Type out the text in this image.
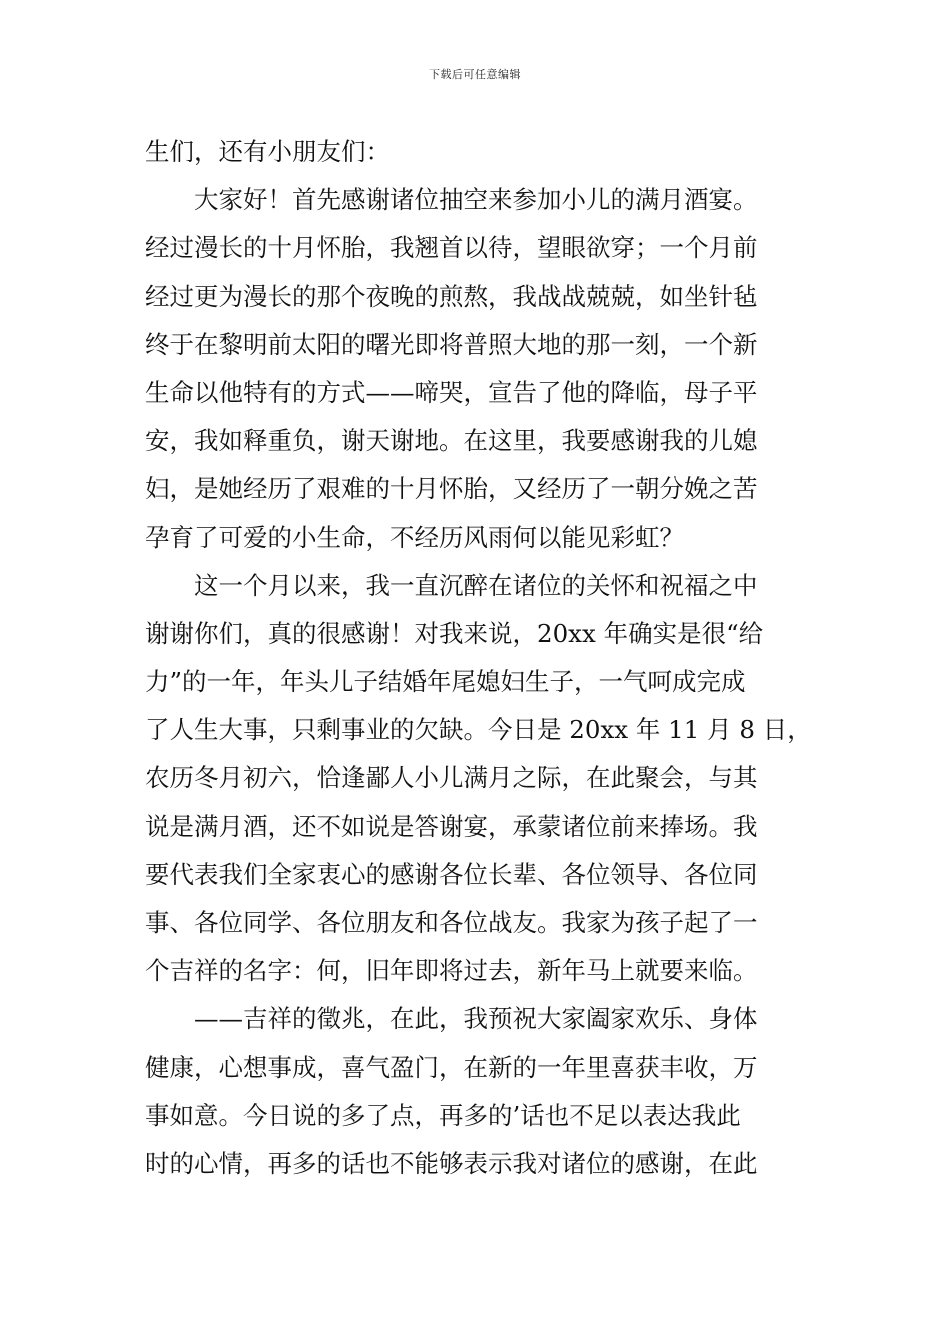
下载后可任意编辑
生们，还有小朋友们：
　　大家好！首先感谢诸位抽空来参加小儿的满月酒宴。
经过漫长的十月怀胎，我翘首以待，望眼欲穿；一个月前
经过更为漫长的那个夜晚的煎熬，我战战兢兢，如坐针毡
终于在黎明前太阳的曙光即将普照大地的那一刻，一个新
生命以他特有的方式——啼哭，宣告了他的降临，母子平
安，我如释重负，谢天谢地。在这里，我要感谢我的儿媳
妇，是她经历了艰难的十月怀胎，又经历了一朝分娩之苦
孕育了可爱的小生命，不经历风雨何以能见彩虹？
　　这一个月以来，我一直沉醉在诸位的关怀和祝福之中
谢谢你们，真的很感谢！对我来说，20xx 年确实是很“给
力”的一年，年头儿子结婚年尾媳妇生子，一气呵成完成
了人生大事，只剩事业的欠缺。今日是 20xx 年 11 月 8 日，
农历冬月初六，恰逢鄙人小儿满月之际，在此聚会，与其
说是满月酒，还不如说是答谢宴，承蒙诸位前来捧场。我
要代表我们全家衷心的感谢各位长辈、各位领导、各位同
事、各位同学、各位朋友和各位战友。我家为孩子起了一
个吉祥的名字：何，旧年即将过去，新年马上就要来临。
　　——吉祥的徵兆，在此，我预祝大家阖家欢乐、身体
健康，心想事成，喜气盈门，在新的一年里喜获丰收，万
事如意。今日说的多了点，再多的’话也不足以表达我此
时的心情，再多的话也不能够表示我对诸位的感谢，在此
